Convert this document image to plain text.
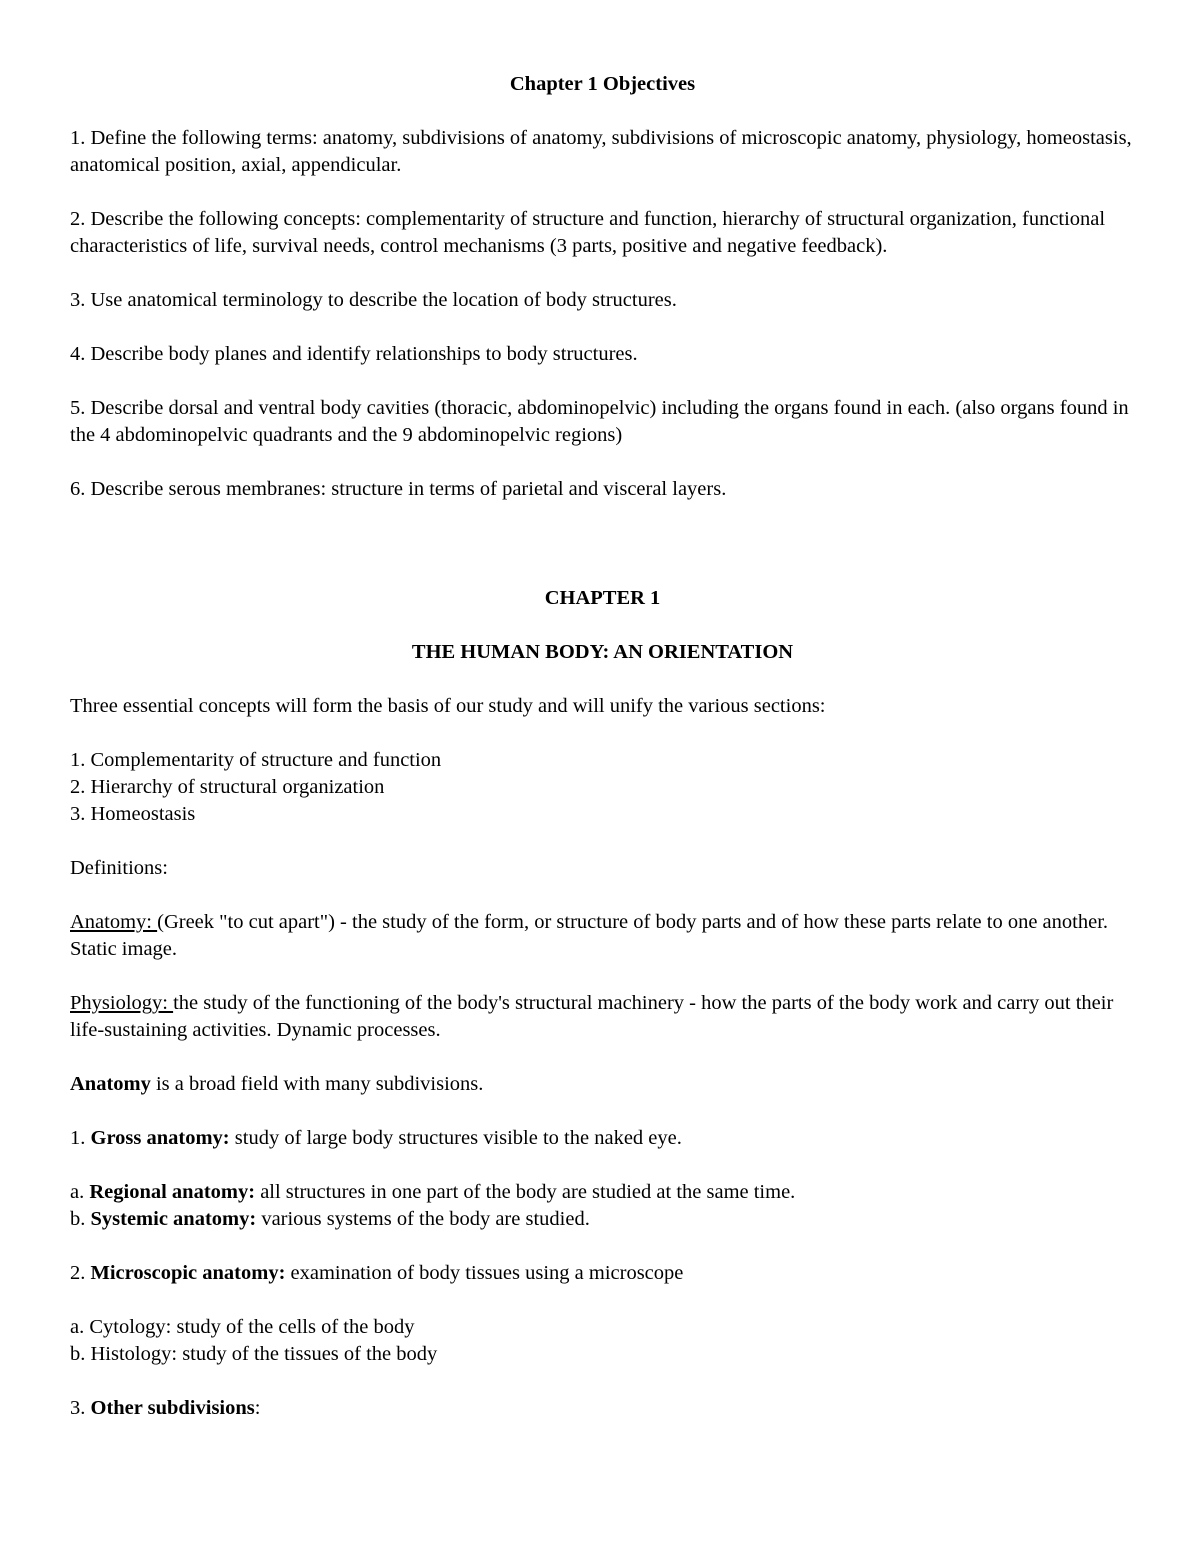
Chapter 1 Objectives

1. Define the following terms: anatomy, subdivisions of anatomy, subdivisions of microscopic anatomy, physiology, homeostasis, anatomical position, axial, appendicular.

2. Describe the following concepts: complementarity of structure and function, hierarchy of structural organization, functional characteristics of life, survival needs, control mechanisms (3 parts, positive and negative feedback).

3. Use anatomical terminology to describe the location of body structures.

4. Describe body planes and identify relationships to body structures.

5. Describe dorsal and ventral body cavities (thoracic, abdominopelvic) including the organs found in each. (also organs found in the 4 abdominopelvic quadrants and the 9 abdominopelvic regions)

6. Describe serous membranes: structure in terms of parietal and visceral layers.

CHAPTER 1
THE HUMAN BODY: AN ORIENTATION

Three essential concepts will form the basis of our study and will unify the various sections:

1. Complementarity of structure and function
2. Hierarchy of structural organization
3. Homeostasis

Definitions:

Anatomy: (Greek "to cut apart") - the study of the form, or structure of body parts and of how these parts relate to one another. Static image.

Physiology: the study of the functioning of the body's structural machinery - how the parts of the body work and carry out their life-sustaining activities. Dynamic processes.

Anatomy is a broad field with many subdivisions.

1. Gross anatomy: study of large body structures visible to the naked eye.

a. Regional anatomy: all structures in one part of the body are studied at the same time.
b. Systemic anatomy: various systems of the body are studied.

2. Microscopic anatomy: examination of body tissues using a microscope

a. Cytology: study of the cells of the body
b. Histology: study of the tissues of the body

3. Other subdivisions:
